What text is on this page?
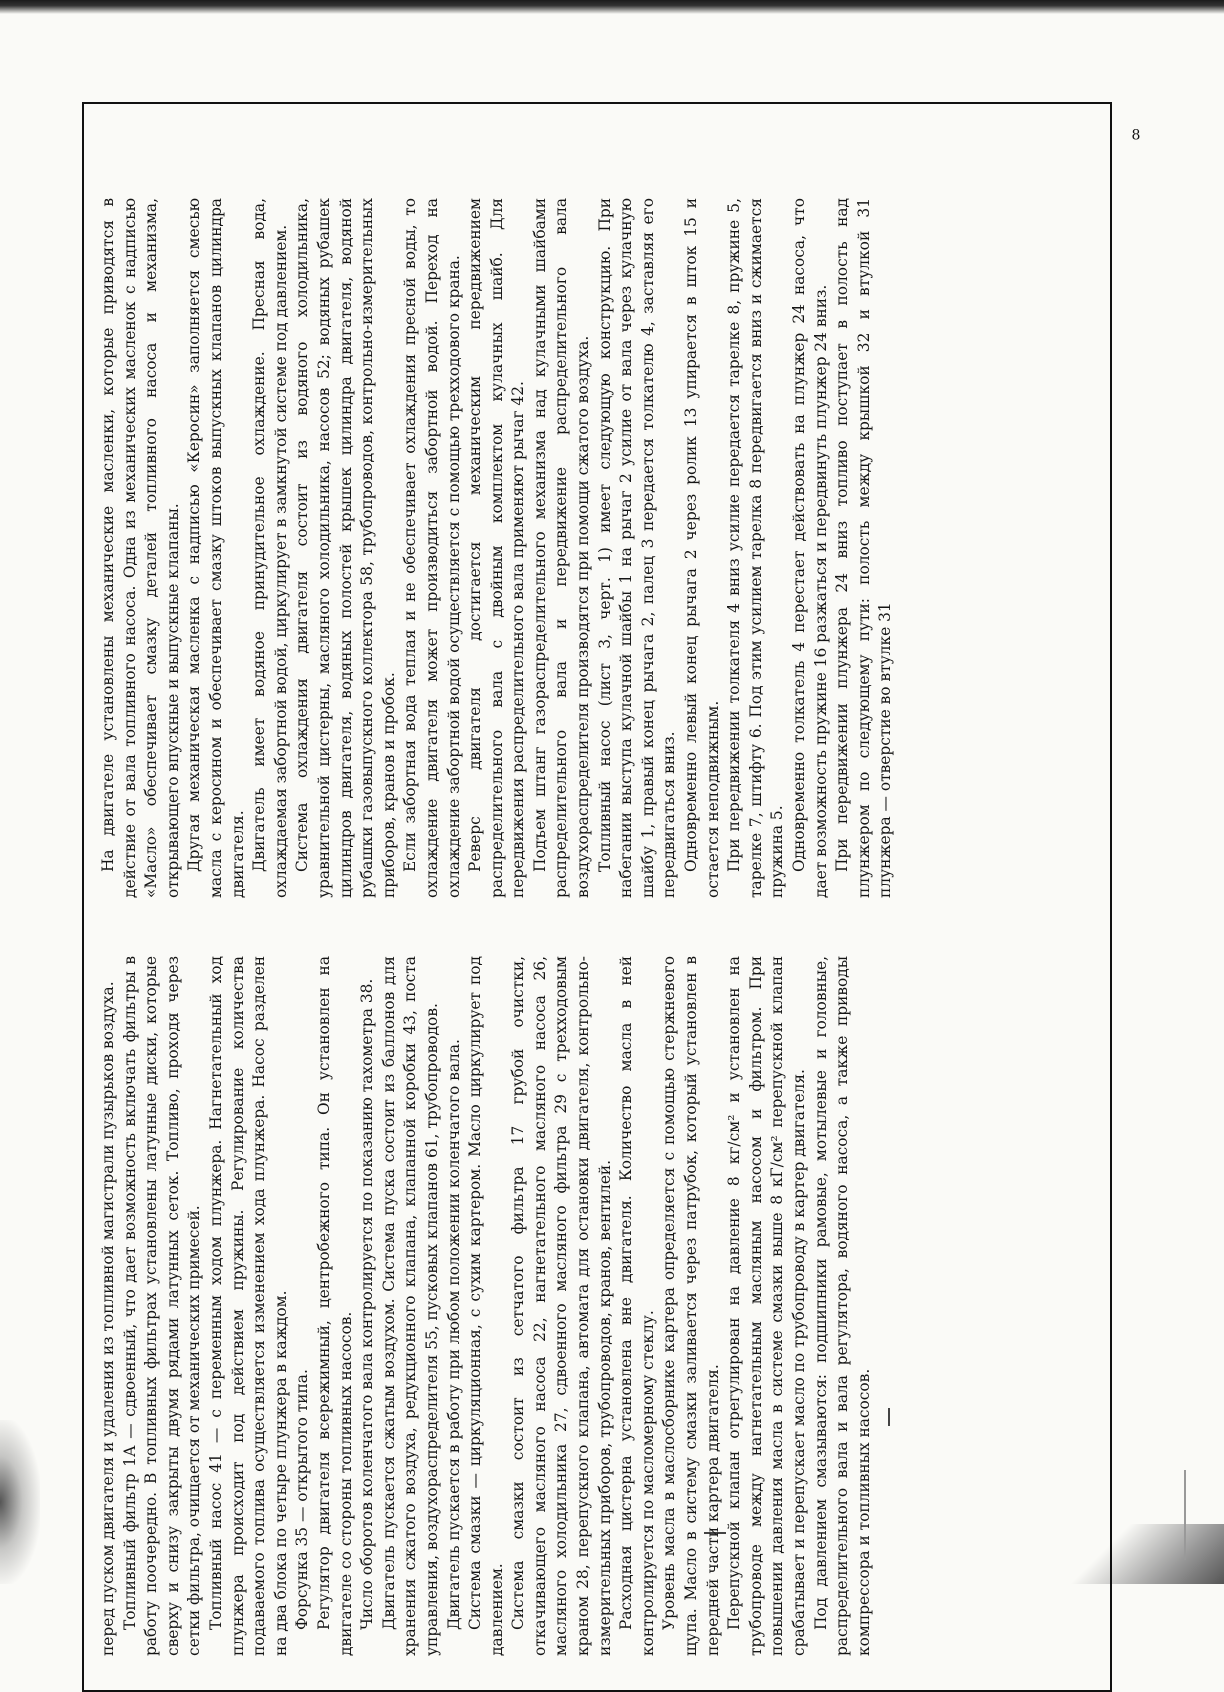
перед пуском двигателя и удаления из топливной магистрали пузырьков воздуха. Топливный фильтр 1А — сдвоенный, что дает возможность включать фильтры в работу поочередно. В топливных фильтрах установлены латунные диски, которые сверху и снизу закрыты двумя рядами латунных сеток. Топливо, проходя через сетки фильтра, очищается от механических примесей. Топливный насос 41 — с переменным ходом плунжера. Нагнетательный ход плунжера происходит под действием пружины. Регулирование количества подаваемого топлива осуществляется изменением хода плунжера. Насос разделен на два блока по четыре плунжера в каждом. Форсунка 35 — открытого типа. Регулятор двигателя всережимный, центробежного типа. Он установлен на двигателе со стороны топливных насосов. Число оборотов коленчатого вала контролируется по показанию тахометра 38. Двигатель пускается сжатым воздухом. Система пуска состоит из баллонов для хранения сжатого воздуха, редукционного клапана, клапанной коробки 43, поста управления, воздухораспределителя 55, пусковых клапанов 61, трубопроводов. Двигатель пускается в работу при любом положении коленчатого вала. Система смазки — циркуляционная, с сухим картером. Масло циркулирует под давлением. Система смазки состоит из сетчатого фильтра 17 грубой очистки, откачивающего масляного насоса 22, нагнетательного масляного насоса 26, масляного холодильника 27, сдвоенного масляного фильтра 29 с трехходовым краном 28, перепускного клапана, автомата для остановки двигателя, контрольно-измерительных приборов, трубопроводов, кранов, вентилей. Расходная цистерна установлена вне двигателя. Количество масла в ней контролируется по масломерному стеклу. Уровень масла в маслосборнике картера определяется с помощью стержневого щупа. Масло в систему смазки заливается через патрубок, который установлен в передней части картера двигателя. Перепускной клапан отрегулирован на давление 8 кг/см² и установлен на трубопроводе между нагнетательным масляным насосом и фильтром. При повышении давления масла в системе смазки выше 8 кГ/см² перепускной клапан срабатывает и перепускает масло по трубопроводу в картер двигателя. Под давлением смазываются: подшипники рамовые, мотылевые и головные, распределительного вала и вала регулятора, водяного насоса, а также приводы компрессора и топливных насосов.

На двигателе установлены механические масленки, которые приводятся в действие от вала топливного насоса. Одна из механических масленок с надписью «Масло» обеспечивает смазку деталей топливного насоса и механизма, открывающего впускные и выпускные клапаны. Другая механическая масленка с надписью «Керосин» заполняется смесью масла с керосином и обеспечивает смазку штоков выпускных клапанов цилиндра двигателя. Двигатель имеет водяное принудительное охлаждение. Пресная вода, охлаждаемая забортной водой, циркулирует в замкнутой системе под давлением. Система охлаждения двигателя состоит из водяного холодильника, уравнительной цистерны, масляного холодильника, насосов 52; водяных рубашек цилиндров двигателя, водяных полостей крышек цилиндра двигателя, водяной рубашки газовыпускного коллектора 58, трубопроводов, контрольно-измерительных приборов, кранов и пробок. Если забортная вода теплая и не обеспечивает охлаждения пресной воды, то охлаждение двигателя может производиться забортной водой. Переход на охлаждение забортной водой осуществляется с помощью трехходового крана. Реверс двигателя достигается механическим передвижением распределительного вала с двойным комплектом кулачных шайб. Для передвижения распределительного вала применяют рычаг 42. Подъем штанг газораспределительного механизма над кулачными шайбами распределительного вала и передвижение распределительного вала воздухораспределителя производятся при помощи сжатого воздуха. Топливный насос (лист 3, черт. 1) имеет следующую конструкцию. При набегании выступа кулачной шайбы 1 на рычаг 2 усилие от вала через кулачную шайбу 1, правый конец рычага 2, палец 3 передается толкателю 4, заставляя его передвигаться вниз. Одновременно левый конец рычага 2 через ролик 13 упирается в шток 15 и остается неподвижным. При передвижении толкателя 4 вниз усилие передается тарелке 8, пружине 5, тарелке 7, штифту 6. Под этим усилием тарелка 8 передвигается вниз и сжимается пружина 5. Одновременно толкатель 4 перестает действовать на плунжер 24 насоса, что дает возможность пружине 16 разжаться и передвинуть плунжер 24 вниз. При передвижении плунжера 24 вниз топливо поступает в полость над плунжером по следующему пути: полость между крышкой 32 и втулкой 31 плунжера — отверстие во втулке 31

8
